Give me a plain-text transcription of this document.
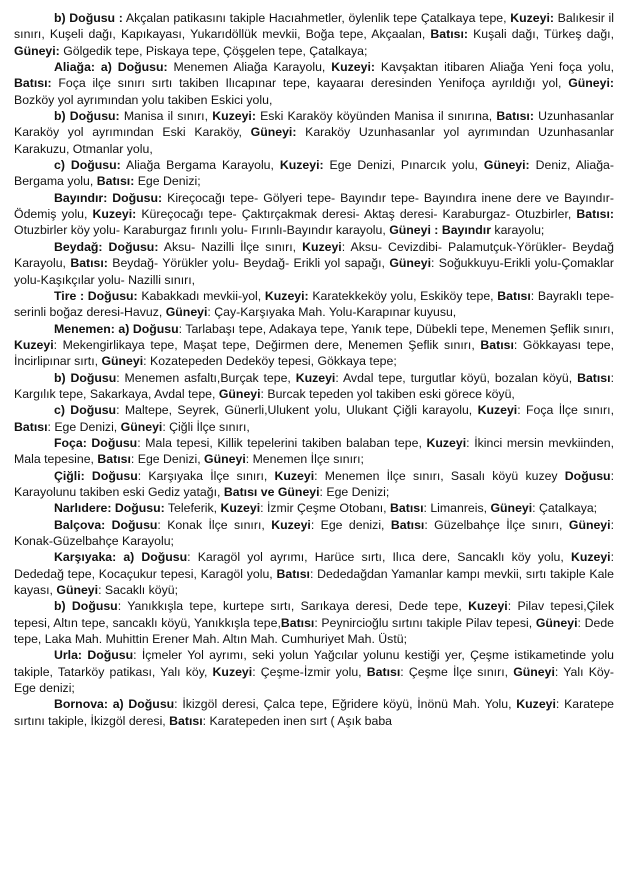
b) Doğusu : Akçalan patikasını takiple Hacıahmetler, öylenlik tepe Çatalkaya tepe, Kuzeyi: Balıkesir il sınırı, Kuşeli dağı, Kapıkayası, Yukarıdöllük mevkii, Boğa tepe, Akçaalan, Batısı: Kuşali dağı, Türkeş dağı, Güneyi: Gölgedik tepe, Piskaya tepe, Çöşgelen tepe, Çatalkaya;

Aliağa: a) Doğusu: Menemen Aliağa Karayolu, Kuzeyi: Kavşaktan itibaren Aliağa Yeni foça yolu, Batısı: Foça ilçe sınırı sırtı takiben Ilıcapınar tepe, kayaaraı deresinden Yenifoça ayrıldığı yol, Güneyi: Bozköy yol ayrımından yolu takiben Eskici yolu,

b) Doğusu: Manisa il sınırı, Kuzeyi: Eski Karaköy köyünden Manisa il sınırına, Batısı: Uzunhasanlar Karaköy yol ayrımından Eski Karaköy, Güneyi: Karaköy Uzunhasanlar yol ayrımından Uzunhasanlar Karakuzu, Otmanlar yolu,

c) Doğusu: Aliağa Bergama Karayolu, Kuzeyi: Ege Denizi, Pınarcık yolu, Güneyi: Deniz, Aliağa- Bergama yolu, Batısı: Ege Denizi;

Bayındır: Doğusu: Kireçocağı tepe- Gölyeri tepe- Bayındır tepe- Bayındıra inene dere ve Bayındır- Ödemiş yolu, Kuzeyi: Küreçocağı tepe- Çaktırçakmak deresi- Aktaş deresi- Karaburgaz- Otuzbirler, Batısı: Otuzbirler köy yolu- Karaburgaz fırınlı yolu- Fırınlı-Bayındır karayolu, Güneyi : Bayındır karayolu;

Beydağ: Doğusu: Aksu- Nazilli İlçe sınırı, Kuzeyi: Aksu- Cevizdibi- Palamutçuk-Yörükler- Beydağ Karayolu, Batısı: Beydağ- Yörükler yolu- Beydağ- Erikli yol sapağı, Güneyi: Soğukkuyu-Erikli yolu-Çomaklar yolu-Kaşıkçılar yolu- Nazilli sınırı,

Tire : Doğusu: Kabakkadı mevkii-yol, Kuzeyi: Karatekkeköy yolu, Eskiköy tepe, Batısı: Bayraklı tepe- serinli boğaz deresi-Havuz, Güneyi: Çay-Karşıyaka Mah. Yolu-Karapınar kuyusu,

Menemen: a) Doğusu: Tarlabaşı tepe, Adakaya tepe, Yanık tepe, Dübekli tepe, Menemen Şeflik sınırı, Kuzeyi: Mekengirlikaya tepe, Maşat tepe, Değirmen dere, Menemen Şeflik sınırı, Batısı: Gökkayası tepe, İncirlipınar sırtı, Güneyi: Kozatepeden Dedeköy tepesi, Gökkaya tepe;

b) Doğusu: Menemen asfaltı,Burçak tepe, Kuzeyi: Avdal tepe, turgutlar köyü, bozalan köyü, Batısı: Kargılık tepe, Sakarkaya, Avdal tepe, Güneyi: Burcak tepeden yol takiben eski görece köyü,

c) Doğusu: Maltepe, Seyrek, Günerli,Ulukent yolu, Ulukant Çiğli karayolu, Kuzeyi: Foça İlçe sınırı, Batısı: Ege Denizi, Güneyi: Çiğli İlçe sınırı,

Foça: Doğusu: Mala tepesi, Killik tepelerini takiben balaban tepe, Kuzeyi: İkinci mersin mevkiinden, Mala tepesine, Batısı: Ege Denizi, Güneyi: Menemen İlçe sınırı;

Çiğli: Doğusu: Karşıyaka İlçe sınırı, Kuzeyi: Menemen İlçe sınırı, Sasalı köyü kuzey Doğusu: Karayolunu takiben eski Gediz yatağı, Batısı ve Güneyi: Ege Denizi;

Narlıdere: Doğusu: Teleferik, Kuzeyi: İzmir Çeşme Otobanı, Batısı: Limanreis, Güneyi: Çatalkaya;

Balçova: Doğusu: Konak İlçe sınırı, Kuzeyi: Ege denizi, Batısı: Güzelbahçe İlçe sınırı, Güneyi: Konak-Güzelbahçe Karayolu;

Karşıyaka: a) Doğusu: Karagöl yol ayrımı, Harüce sırtı, Ilıca dere, Sancaklı köy yolu, Kuzeyi: Dededağ tepe, Kocaçukur tepesi, Karagöl yolu, Batısı: Dededağdan Yamanlar kampı mevkii, sırtı takiple Kale kayası, Güneyi: Sacaklı köyü;

b) Doğusu: Yanıkkışla tepe, kurtepe sırtı, Sarıkaya deresi, Dede tepe, Kuzeyi: Pilav tepesi,Çilek tepesi, Altın tepe, sancaklı köyü, Yanıkkışla tepe,Batısı: Peynircioğlu sırtını takiple Pilav tepesi, Güneyi: Dede tepe, Laka Mah. Muhittin Erener Mah. Altın Mah. Cumhuriyet Mah. Üstü;

Urla: Doğusu: İçmeler Yol ayrımı, seki yolun Yağcılar yolunu kestiği yer, Çeşme istikametinde yolu takiple, Tatarköy patikası, Yalı köy, Kuzeyi: Çeşme-İzmir yolu, Batısı: Çeşme İlçe sınırı, Güneyi: Yalı Köy- Ege denizi;

Bornova: a) Doğusu: İkizgöl deresi, Çalca tepe, Eğridere köyü, İnönü Mah. Yolu, Kuzeyi: Karatepe sırtını takiple, İkizgöl deresi, Batısı: Karatepeden inen sırt ( Aşık baba
